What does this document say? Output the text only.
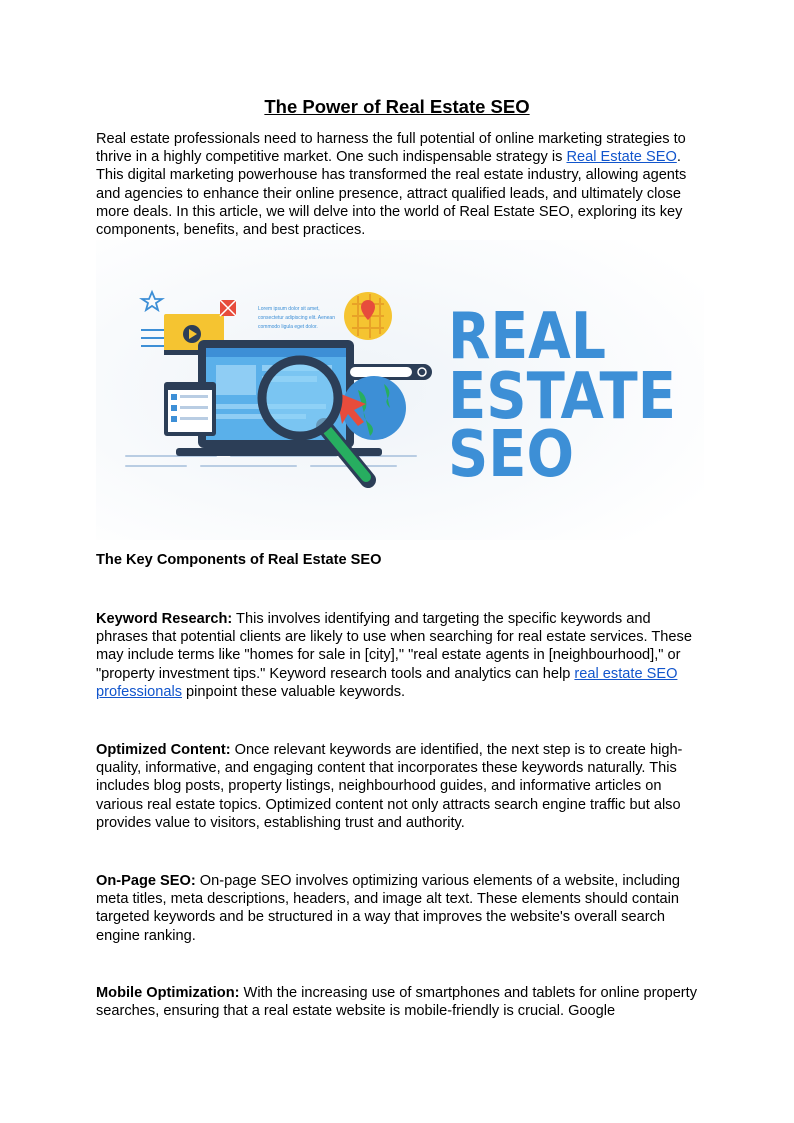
The Power of Real Estate SEO

Real estate professionals need to harness the full potential of online marketing strategies to thrive in a highly competitive market. One such indispensable strategy is Real Estate SEO. This digital marketing powerhouse has transformed the real estate industry, allowing agents and agencies to enhance their online presence, attract qualified leads, and ultimately close more deals. In this article, we will delve into the world of Real Estate SEO, exploring its key components, benefits, and best practices.

Lorem ipsum dolor sit amet,
consectetur adipiscing elit. Aenean
commodo ligula eget dolor. REAL
ESTATE
SEO
The Key Components of Real Estate SEO

Keyword Research: This involves identifying and targeting the specific keywords and phrases that potential clients are likely to use when searching for real estate services. These may include terms like "homes for sale in [city]," "real estate agents in [neighbourhood]," or "property investment tips." Keyword research tools and analytics can help real estate SEO professionals pinpoint these valuable keywords.

Optimized Content: Once relevant keywords are identified, the next step is to create high-quality, informative, and engaging content that incorporates these keywords naturally. This includes blog posts, property listings, neighbourhood guides, and informative articles on various real estate topics. Optimized content not only attracts search engine traffic but also provides value to visitors, establishing trust and authority.

On-Page SEO: On-page SEO involves optimizing various elements of a website, including meta titles, meta descriptions, headers, and image alt text. These elements should contain targeted keywords and be structured in a way that improves the website's overall search engine ranking.

Mobile Optimization: With the increasing use of smartphones and tablets for online property searches, ensuring that a real estate website is mobile-friendly is crucial. Google
